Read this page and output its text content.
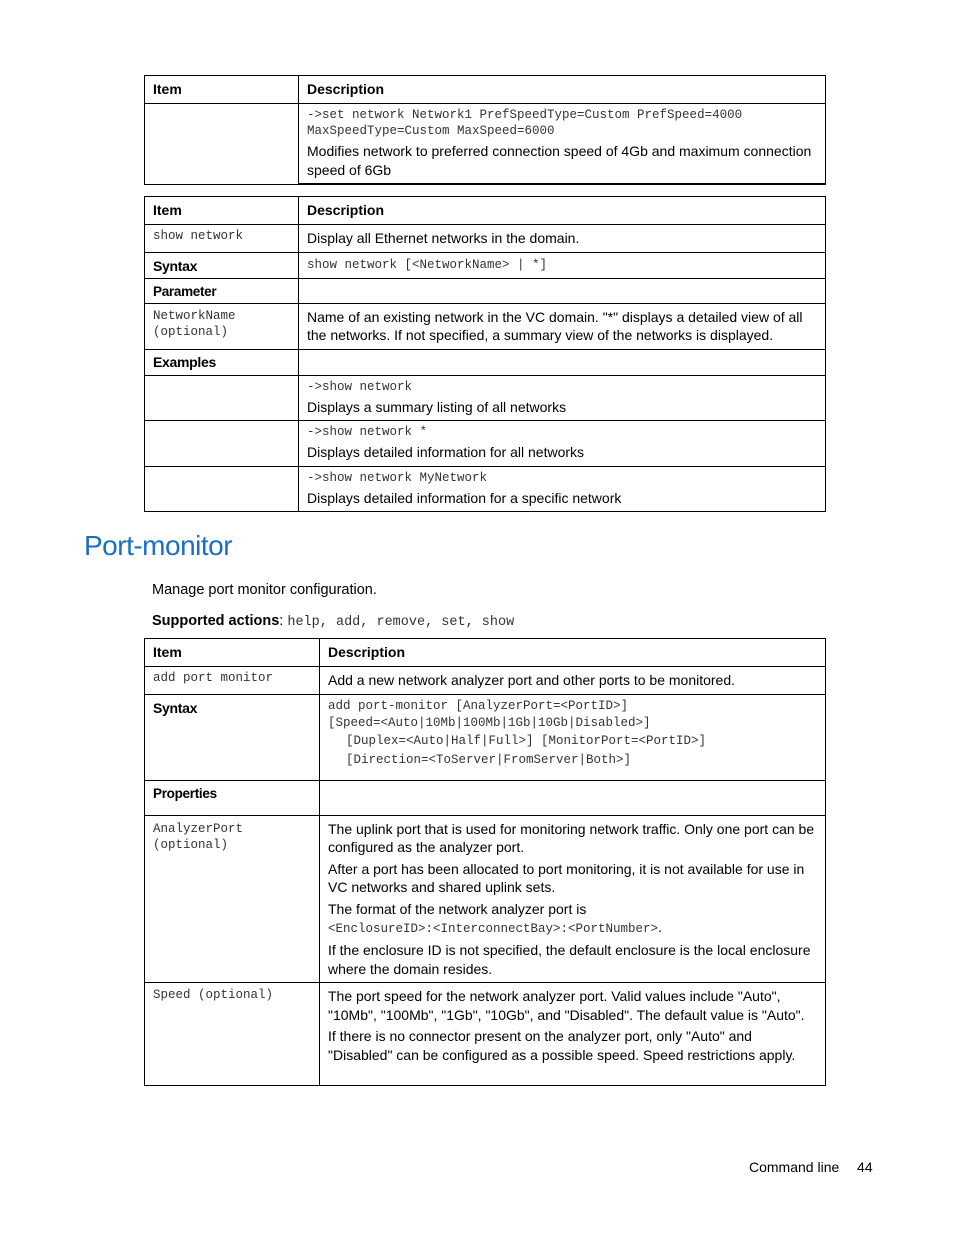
Item	Description

	->set network Network1 PrefSpeedType=Custom PrefSpeed=4000
MaxSpeedType=Custom MaxSpeed=6000
Modifies network to preferred connection speed of 4Gb and maximum connection speed of 6Gb
Item	Description
show network	Display all Ethernet networks in the domain.
Syntax	show network [<NetworkName> | *]
Parameter	

NetworkName
(optional)	Name of an existing network in the VC domain. "*" displays a detailed view of all the networks. If not specified, a summary view of the networks is displayed.
Examples	

	->show network
Displays a summary listing of all networks

	->show network *
Displays detailed information for all networks

	->show network MyNetwork
Displays detailed information for a specific network
Port-monitor
Manage port monitor configuration.
Supported actions: help, add, remove, set, show
Item	Description
add port monitor	Add a new network analyzer port and other ports to be monitored.
Syntax	add port-monitor [AnalyzerPort=<PortID>]
[Speed=<Auto|10Mb|100Mb|1Gb|10Gb|Disabled>]
[Duplex=<Auto|Half|Full>] [MonitorPort=<PortID>]
[Direction=<ToServer|FromServer|Both>]

Properties	

AnalyzerPort
(optional)	The uplink port that is used for monitoring network traffic. Only one port can be configured as the analyzer port.
After a port has been allocated to port monitoring, it is not available for use in VC networks and shared uplink sets.
The format of the network analyzer port is
<EnclosureID>:<InterconnectBay>:<PortNumber>.
If the enclosure ID is not specified, the default enclosure is the local enclosure where the domain resides.

Speed (optional)	The port speed for the network analyzer port. Valid values include "Auto", "10Mb", "100Mb", "1Gb", "10Gb", and "Disabled". The default value is "Auto".
If there is no connector present on the analyzer port, only "Auto" and "Disabled" can be configured as a possible speed. Speed restrictions apply.
Command line 44
